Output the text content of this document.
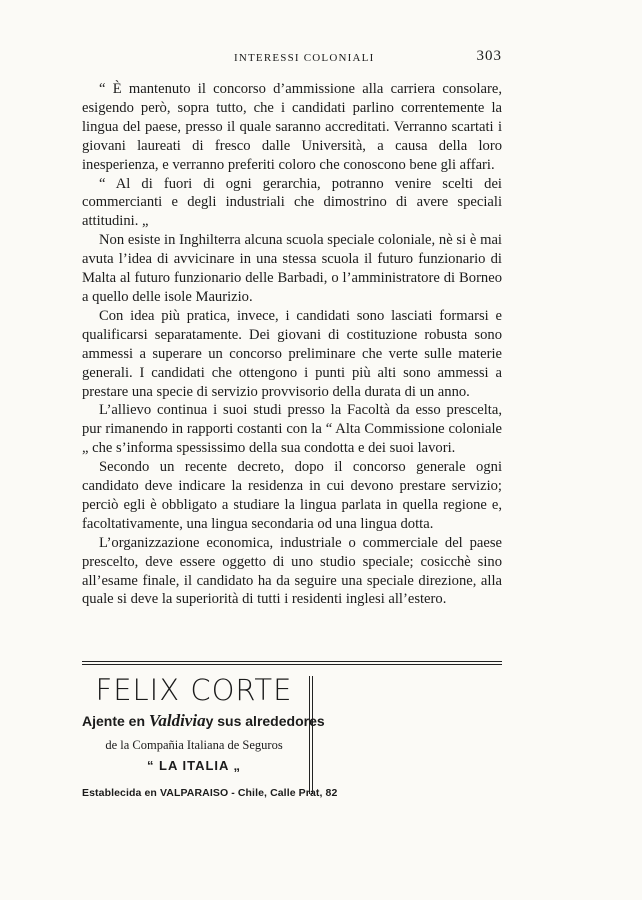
INTERESSI COLONIALI	303

“ È mantenuto il concorso d’ammissione alla carriera consolare, esigendo però, sopra tutto, che i candidati parlino correntemente la lingua del paese, presso il quale saranno accreditati. Verranno scartati i giovani laureati di fresco dalle Università, a causa della loro inesperienza, e verranno preferiti coloro che conoscono bene gli affari.

“ Al di fuori di ogni gerarchia, potranno venire scelti dei commercianti e degli industriali che dimostrino di avere speciali attitudini. „

Non esiste in Inghilterra alcuna scuola speciale coloniale, nè si è mai avuta l’idea di avvicinare in una stessa scuola il futuro funzionario di Malta al futuro funzionario delle Barbadi, o l’amministratore di Borneo a quello delle isole Maurizio.

Con idea più pratica, invece, i candidati sono lasciati formarsi e qualificarsi separatamente. Dei giovani di costituzione robusta sono ammessi a superare un concorso preliminare che verte sulle materie generali. I candidati che ottengono i punti più alti sono ammessi a prestare una specie di servizio provvisorio della durata di un anno.

L’allievo continua i suoi studi presso la Facoltà da esso prescelta, pur rimanendo in rapporti costanti con la “ Alta Commissione coloniale „ che s’informa spessissimo della sua condotta e dei suoi lavori.

Secondo un recente decreto, dopo il concorso generale ogni candidato deve indicare la residenza in cui devono prestare servizio; perciò egli è obbligato a studiare la lingua parlata in quella regione e, facoltativamente, una lingua secondaria od una lingua dotta.

L’organizzazione economica, industriale o commerciale del paese prescelto, deve essere oggetto di uno studio speciale; cosicchè sino all’esame finale, il candidato ha da seguire una speciale direzione, alla quale si deve la superiorità di tutti i residenti inglesi all’estero.

FELIX CORTE
Ajente en Valdiviay sus alrededores
de la Compañia Italiana de Seguros
“ LA ITALIA „
Establecida en VALPARAISO - Chile, Calle Prat, 82
